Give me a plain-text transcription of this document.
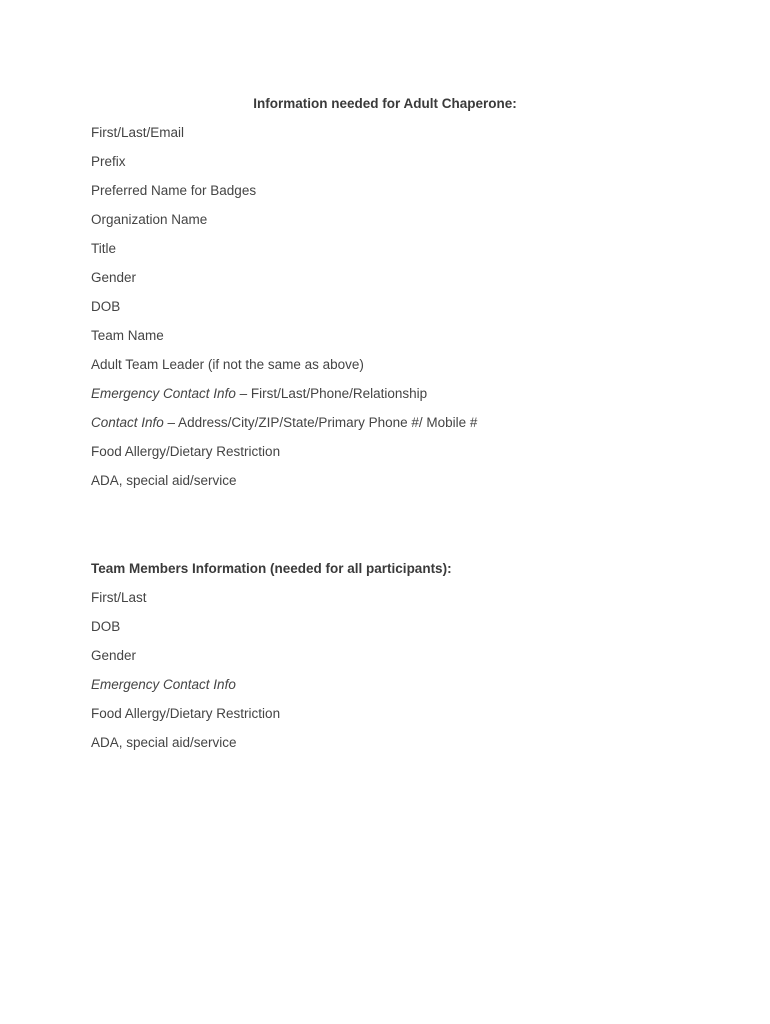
Information needed for Adult Chaperone:
First/Last/Email
Prefix
Preferred Name for Badges
Organization Name
Title
Gender
DOB
Team Name
Adult Team Leader (if not the same as above)
Emergency Contact Info – First/Last/Phone/Relationship
Contact Info – Address/City/ZIP/State/Primary Phone #/ Mobile #
Food Allergy/Dietary Restriction
ADA, special aid/service
Team Members Information (needed for all participants):
First/Last
DOB
Gender
Emergency Contact Info
Food Allergy/Dietary Restriction
ADA, special aid/service
